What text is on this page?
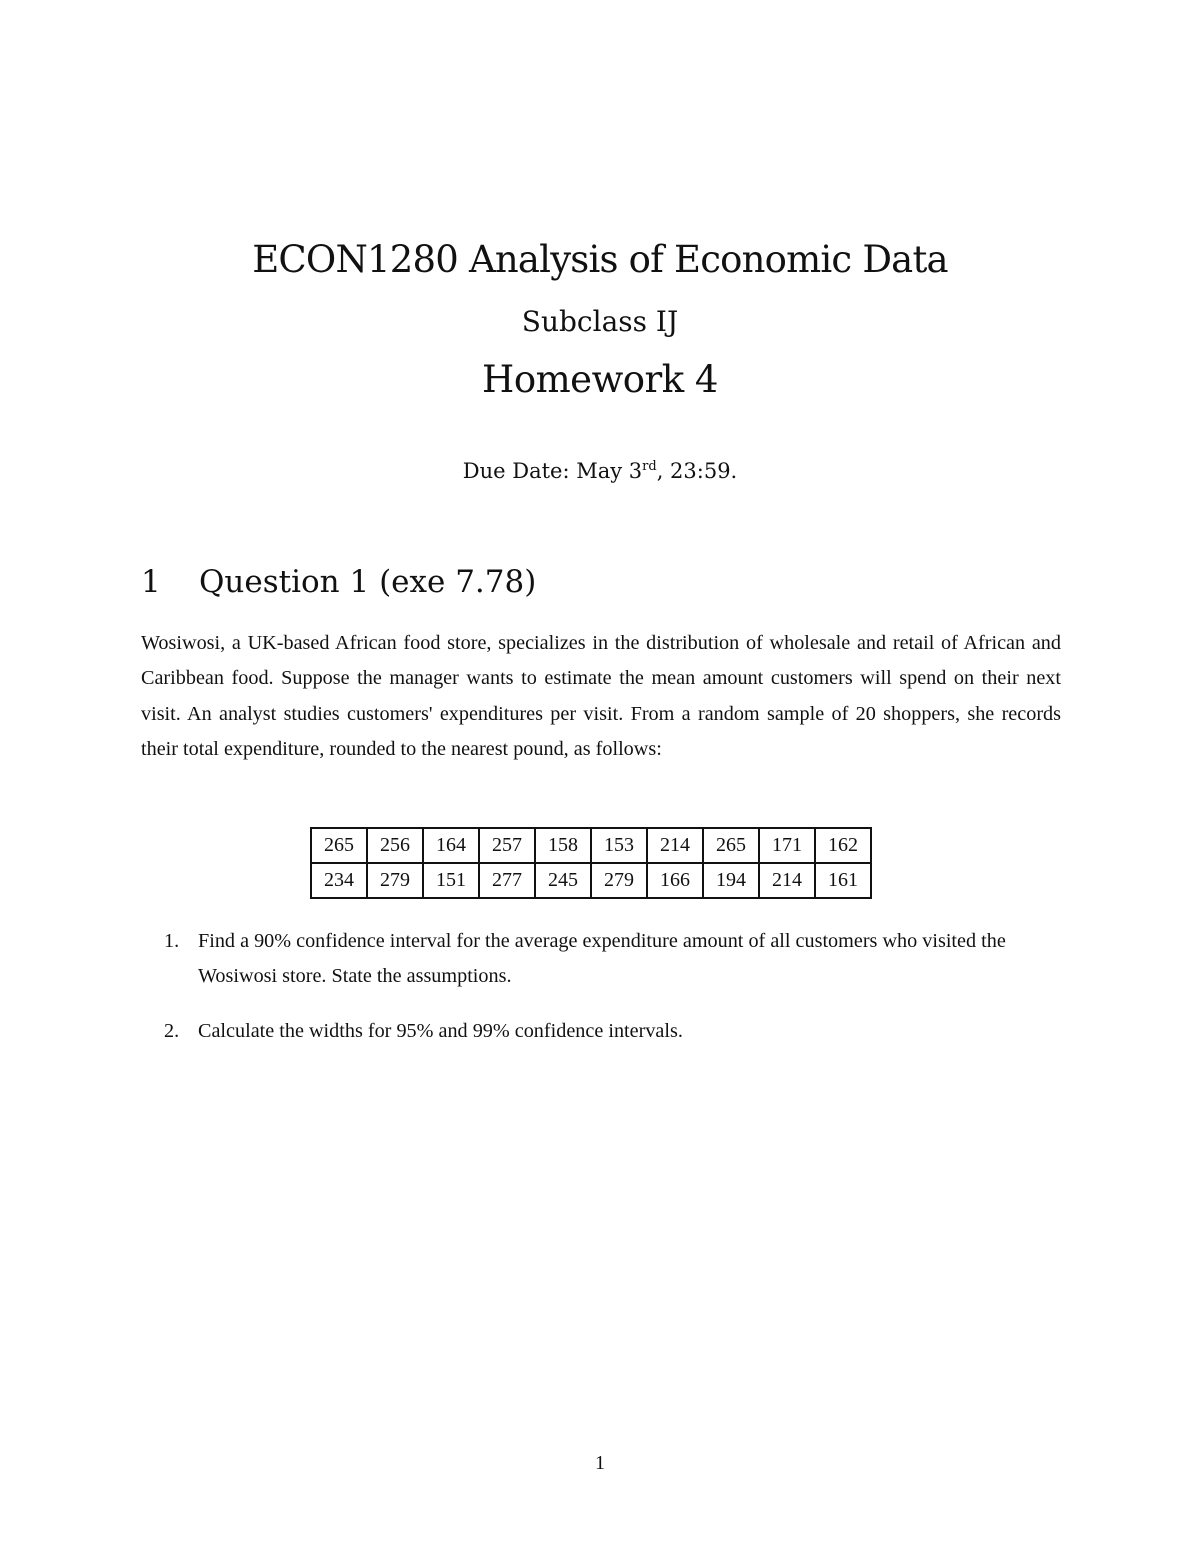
ECON1280 Analysis of Economic Data
Subclass IJ
Homework 4
Due Date: May 3rd, 23:59.
1 Question 1 (exe 7.78)
Wosiwosi, a UK-based African food store, specializes in the distribution of wholesale and retail of African and Caribbean food. Suppose the manager wants to estimate the mean amount customers will spend on their next visit. An analyst studies customers' expenditures per visit. From a random sample of 20 shoppers, she records their total expenditure, rounded to the nearest pound, as follows:
265	256	164	257	158	153	214	265	171	162
234	279	151	277	245	279	166	194	214	161
1. Find a 90% confidence interval for the average expenditure amount of all customers who visited the Wosiwosi store. State the assumptions.
2. Calculate the widths for 95% and 99% confidence intervals.
1
